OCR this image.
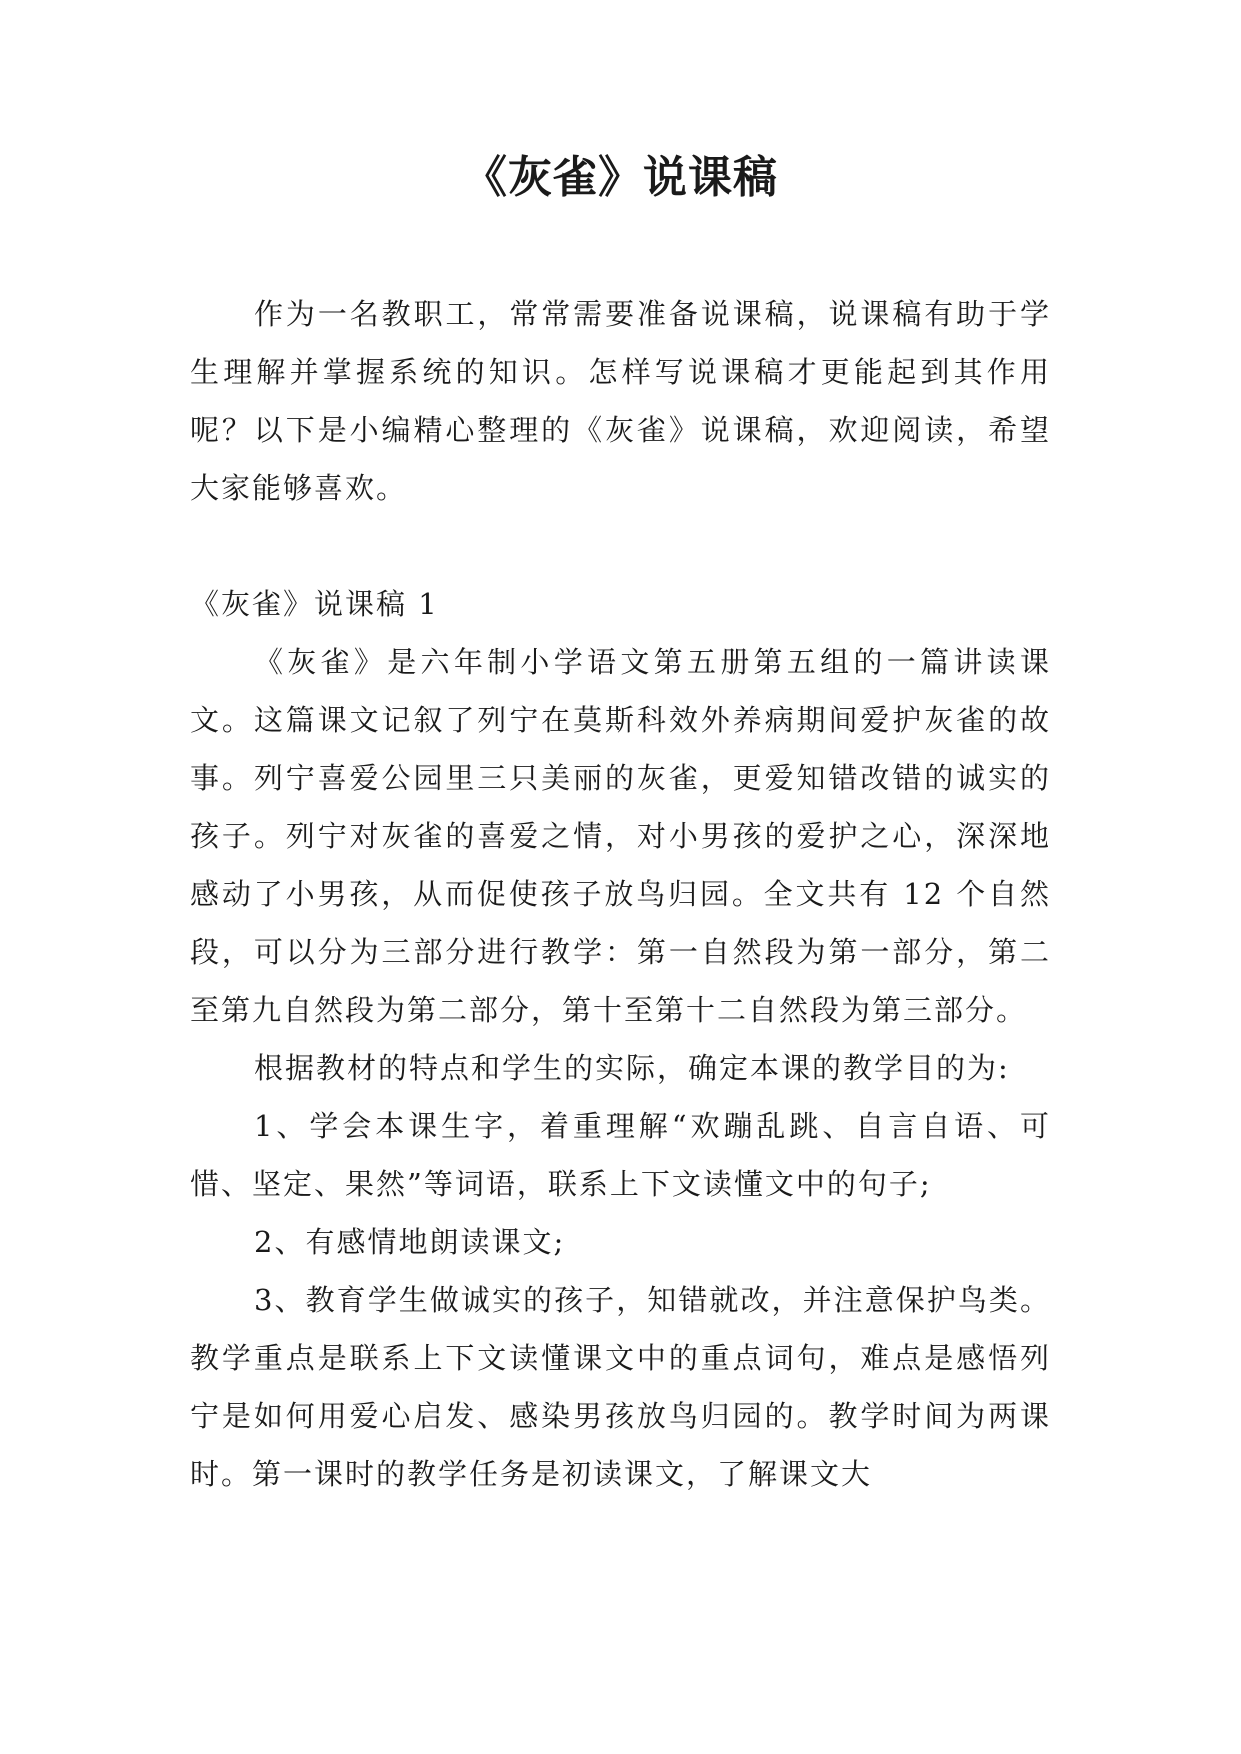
《灰雀》说课稿

作为一名教职工，常常需要准备说课稿，说课稿有助于学生理解并掌握系统的知识。怎样写说课稿才更能起到其作用呢？以下是小编精心整理的《灰雀》说课稿，欢迎阅读，希望大家能够喜欢。

《灰雀》说课稿 1

《灰雀》是六年制小学语文第五册第五组的一篇讲读课文。这篇课文记叙了列宁在莫斯科效外养病期间爱护灰雀的故事。列宁喜爱公园里三只美丽的灰雀，更爱知错改错的诚实的孩子。列宁对灰雀的喜爱之情，对小男孩的爱护之心，深深地感动了小男孩，从而促使孩子放鸟归园。全文共有 12 个自然段，可以分为三部分进行教学：第一自然段为第一部分，第二至第九自然段为第二部分，第十至第十二自然段为第三部分。

根据教材的特点和学生的实际，确定本课的教学目的为:

1、学会本课生字，着重理解“欢蹦乱跳、自言自语、可惜、坚定、果然”等词语，联系上下文读懂文中的句子;

2、有感情地朗读课文;

3、教育学生做诚实的孩子，知错就改，并注意保护鸟类。教学重点是联系上下文读懂课文中的重点词句，难点是感悟列宁是如何用爱心启发、感染男孩放鸟归园的。教学时间为两课时。第一课时的教学任务是初读课文，了解课文大
